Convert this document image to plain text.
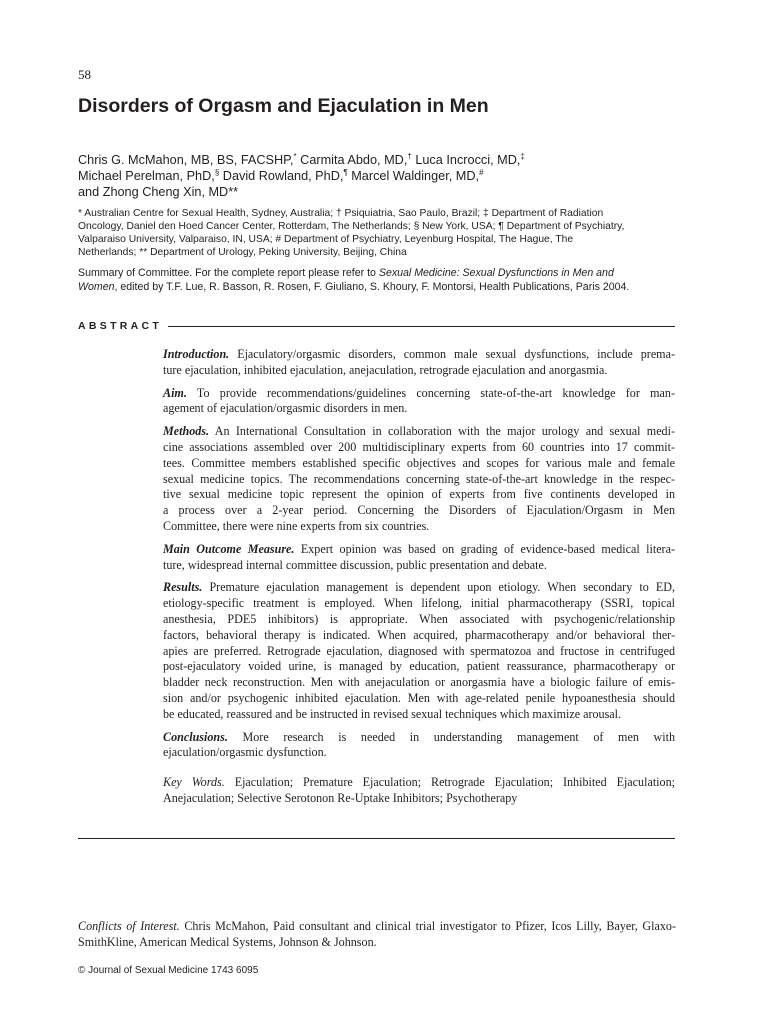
58
Disorders of Orgasm and Ejaculation in Men
Chris G. McMahon, MB, BS, FACSHP,* Carmita Abdo, MD,† Luca Incrocci, MD,‡
Michael Perelman, PhD,§ David Rowland, PhD,¶ Marcel Waldinger, MD,#
and Zhong Cheng Xin, MD**
* Australian Centre for Sexual Health, Sydney, Australia; † Psiquiatria, Sao Paulo, Brazil; ‡ Department of Radiation
Oncology, Daniel den Hoed Cancer Center, Rotterdam, The Netherlands; § New York, USA; ¶ Department of Psychiatry,
Valparaiso University, Valparaiso, IN, USA; # Department of Psychiatry, Leyenburg Hospital, The Hague, The
Netherlands; ** Department of Urology, Peking University, Beijing, China
Summary of Committee. For the complete report please refer to Sexual Medicine: Sexual Dysfunctions in Men and
Women, edited by T.F. Lue, R. Basson, R. Rosen, F. Giuliano, S. Khoury, F. Montorsi, Health Publications, Paris 2004.
ABSTRACT
Introduction. Ejaculatory/orgasmic disorders, common male sexual dysfunctions, include prema-
ture ejaculation, inhibited ejaculation, anejaculation, retrograde ejaculation and anorgasmia.
Aim. To provide recommendations/guidelines concerning state-of-the-art knowledge for man-
agement of ejaculation/orgasmic disorders in men.
Methods. An International Consultation in collaboration with the major urology and sexual medi-
cine associations assembled over 200 multidisciplinary experts from 60 countries into 17 commit-
tees. Committee members established specific objectives and scopes for various male and female
sexual medicine topics. The recommendations concerning state-of-the-art knowledge in the respec-
tive sexual medicine topic represent the opinion of experts from five continents developed in
a process over a 2-year period. Concerning the Disorders of Ejaculation/Orgasm in Men
Committee, there were nine experts from six countries.
Main Outcome Measure. Expert opinion was based on grading of evidence-based medical litera-
ture, widespread internal committee discussion, public presentation and debate.
Results. Premature ejaculation management is dependent upon etiology. When secondary to ED,
etiology-specific treatment is employed. When lifelong, initial pharmacotherapy (SSRI, topical
anesthesia, PDE5 inhibitors) is appropriate. When associated with psychogenic/relationship
factors, behavioral therapy is indicated. When acquired, pharmacotherapy and/or behavioral ther-
apies are preferred. Retrograde ejaculation, diagnosed with spermatozoa and fructose in centrifuged
post-ejaculatory voided urine, is managed by education, patient reassurance, pharmacotherapy or
bladder neck reconstruction. Men with anejaculation or anorgasmia have a biologic failure of emis-
sion and/or psychogenic inhibited ejaculation. Men with age-related penile hypoanesthesia should
be educated, reassured and be instructed in revised sexual techniques which maximize arousal.
Conclusions. More research is needed in understanding management of men with
ejaculation/orgasmic dysfunction.
Key Words. Ejaculation; Premature Ejaculation; Retrograde Ejaculation; Inhibited Ejaculation;
Anejaculation; Selective Serotonon Re-Uptake Inhibitors; Psychotherapy
Conflicts of Interest. Chris McMahon, Paid consultant and clinical trial investigator to Pfizer, Icos Lilly, Bayer, Glaxo-
SmithKline, American Medical Systems, Johnson & Johnson.
© Journal of Sexual Medicine 1743 6095
